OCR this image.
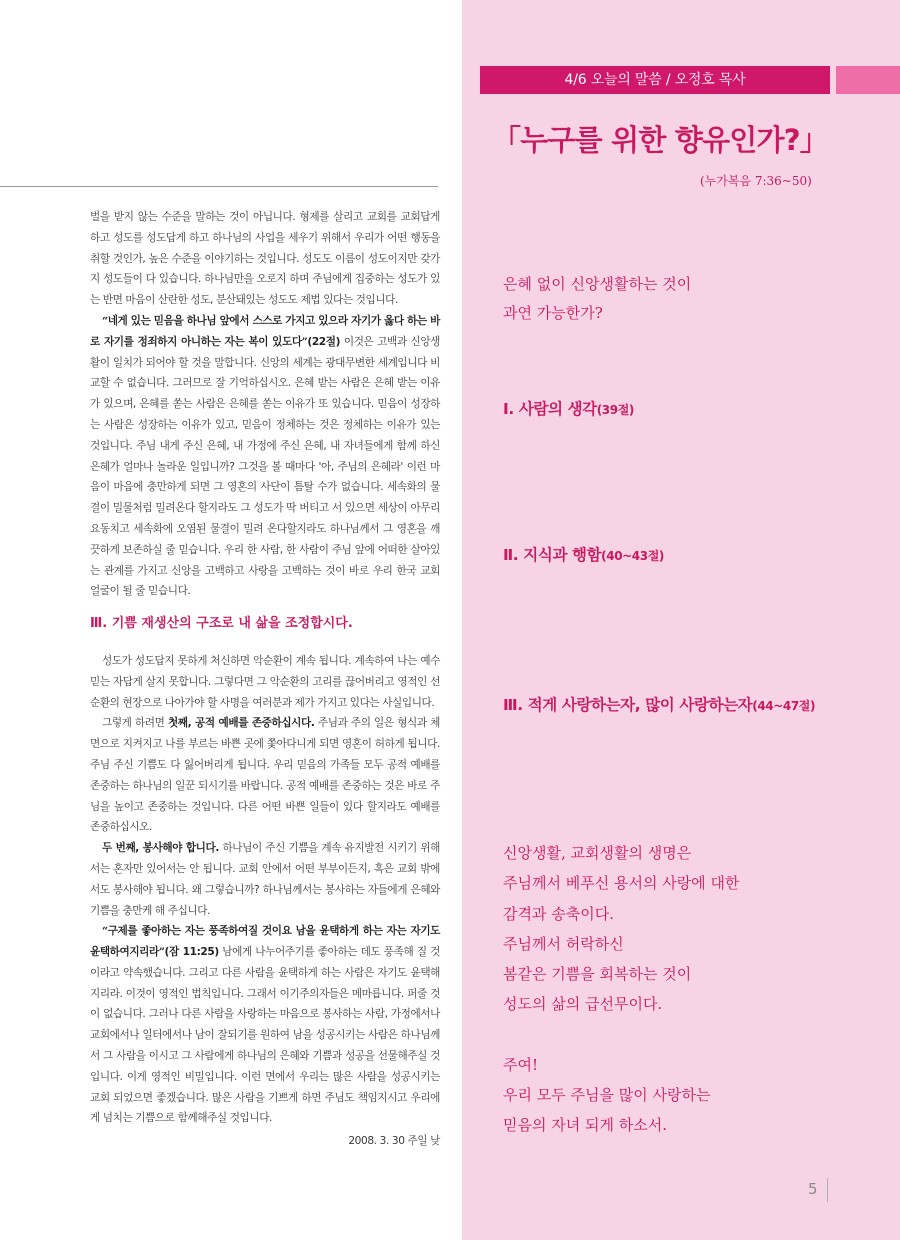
4/6 오늘의 말씀 / 오정호 목사
「누구를 위한 향유인가?」
(누가복음 7:36~50)
은혜 없이 신앙생활하는 것이
과연 가능한가?
Ⅰ. 사람의 생각(39절)
Ⅱ. 지식과 행함(40~43절)
Ⅲ. 적게 사랑하는자, 많이 사랑하는자(44~47절)

신앙생활, 교회생활의 생명은

주님께서 베푸신 용서의 사랑에 대한

감격과 송축이다.

주님께서 허락하신

봄같은 기쁨을 회복하는 것이

성도의 삶의 급선무이다.

주여!

우리 모두 주님을 많이 사랑하는

믿음의 자녀 되게 하소서.

벌을 받지 않는 수준을 말하는 것이 아닙니다. 형제를 살리고 교회를 교회답게 하고 성도를 성도답게 하고 하나님의 사업을 세우기 위해서 우리가 어떤 행동을 취할 것인가, 높은 수준을 이야기하는 것입니다. 성도도 이름이 성도이지만 갖가지 성도들이 다 있습니다. 하나님만을 오로지 하며 주님에게 집중하는 성도가 있는 반면 마음이 산란한 성도, 분산돼있는 성도도 제법 있다는 것입니다.

“네게 있는 믿음을 하나님 앞에서 스스로 가지고 있으라 자기가 옳다 하는 바로 자기를 정죄하지 아니하는 자는 복이 있도다”(22절) 이것은 고백과 신앙생활이 일치가 되어야 할 것을 말합니다. 신앙의 세계는 광대무변한 세계입니다 비교할 수 없습니다. 그러므로 잘 기억하십시오. 은혜 받는 사람은 은혜 받는 이유가 있으며, 은혜를 쏟는 사람은 은혜를 쏟는 이유가 또 있습니다. 믿음이 성장하는 사람은 성장하는 이유가 있고, 믿음이 정체하는 것은 정체하는 이유가 있는 것입니다. 주님 내게 주신 은혜, 내 가정에 주신 은혜, 내 자녀들에게 함께 하신 은혜가 얼마나 놀라운 일입니까? 그것을 볼 때마다 '아, 주님의 은혜라' 이런 마음이 마음에 충만하게 되면 그 영혼의 사단이 틈탈 수가 없습니다. 세속화의 물결이 밀물처럼 밀려온다 할지라도 그 성도가 딱 버티고 서 있으면 세상이 아무리 요동치고 세속화에 오염된 물결이 밀려 온다할지라도 하나님께서 그 영혼을 깨끗하게 보존하실 줄 믿습니다. 우리 한 사람, 한 사람이 주님 앞에 어떠한 살아있는 관계를 가지고 신앙을 고백하고 사랑을 고백하는 것이 바로 우리 한국 교회 얼굴이 될 줄 믿습니다.

Ⅲ. 기쁨 재생산의 구조로 내 삶을 조정합시다.

성도가 성도답지 못하게 처신하면 악순환이 계속 됩니다. 계속하여 나는 예수 믿는 자답게 살지 못합니다. 그렇다면 그 악순환의 고리를 끊어버리고 영적인 선순환의 현장으로 나아가야 할 사명을 여러분과 제가 가지고 있다는 사실입니다.

그렇게 하려면 첫째, 공적 예배를 존중하십시다. 주님과 주의 일은 형식과 체면으로 지켜지고 나를 부르는 바쁜 곳에 쫓아다니게 되면 영혼이 허하게 됩니다. 주님 주신 기쁨도 다 잃어버리게 됩니다. 우리 믿음의 가족들 모두 공적 예배를 존중하는 하나님의 일꾼 되시기를 바랍니다. 공적 예배를 존중하는 것은 바로 주님을 높이고 존중하는 것입니다. 다른 어떤 바쁜 일들이 있다 할지라도 예배를 존중하십시오.

두 번째, 봉사해야 합니다. 하나님이 주신 기쁨을 계속 유지발전 시키기 위해서는 혼자만 있어서는 안 됩니다. 교회 안에서 어떤 부부이든지, 혹은 교회 밖에서도 봉사해야 됩니다. 왜 그렇습니까? 하나님께서는 봉사하는 자들에게 은혜와 기쁨을 충만케 해 주십니다.

“구제를 좋아하는 자는 풍족하여질 것이요 남을 윤택하게 하는 자는 자기도 윤택하여지리라”(잠 11:25) 남에게 나누어주기를 좋아하는 데도 풍족해 질 것이라고 약속했습니다. 그리고 다른 사람을 윤택하게 하는 사람은 자기도 윤택해지리라. 이것이 영적인 법칙입니다. 그래서 이기주의자들은 메마릅니다. 퍼줄 것이 없습니다. 그러나 다른 사람을 사랑하는 마음으로 봉사하는 사람, 가정에서나 교회에서나 일터에서나 남이 잘되기를 원하여 남을 성공시키는 사람은 하나님께서 그 사람을 이시고 그 사람에게 하나님의 은혜와 기쁨과 성공을 선물해주실 것입니다. 이게 영적인 비밀입니다. 이런 면에서 우리는 많은 사람을 성공시키는 교회 되었으면 좋겠습니다. 많은 사람을 기쁘게 하면 주님도 책임지시고 우리에게 넘치는 기쁨으로 함께해주실 것입니다.

2008. 3. 30 주일 낮

5
